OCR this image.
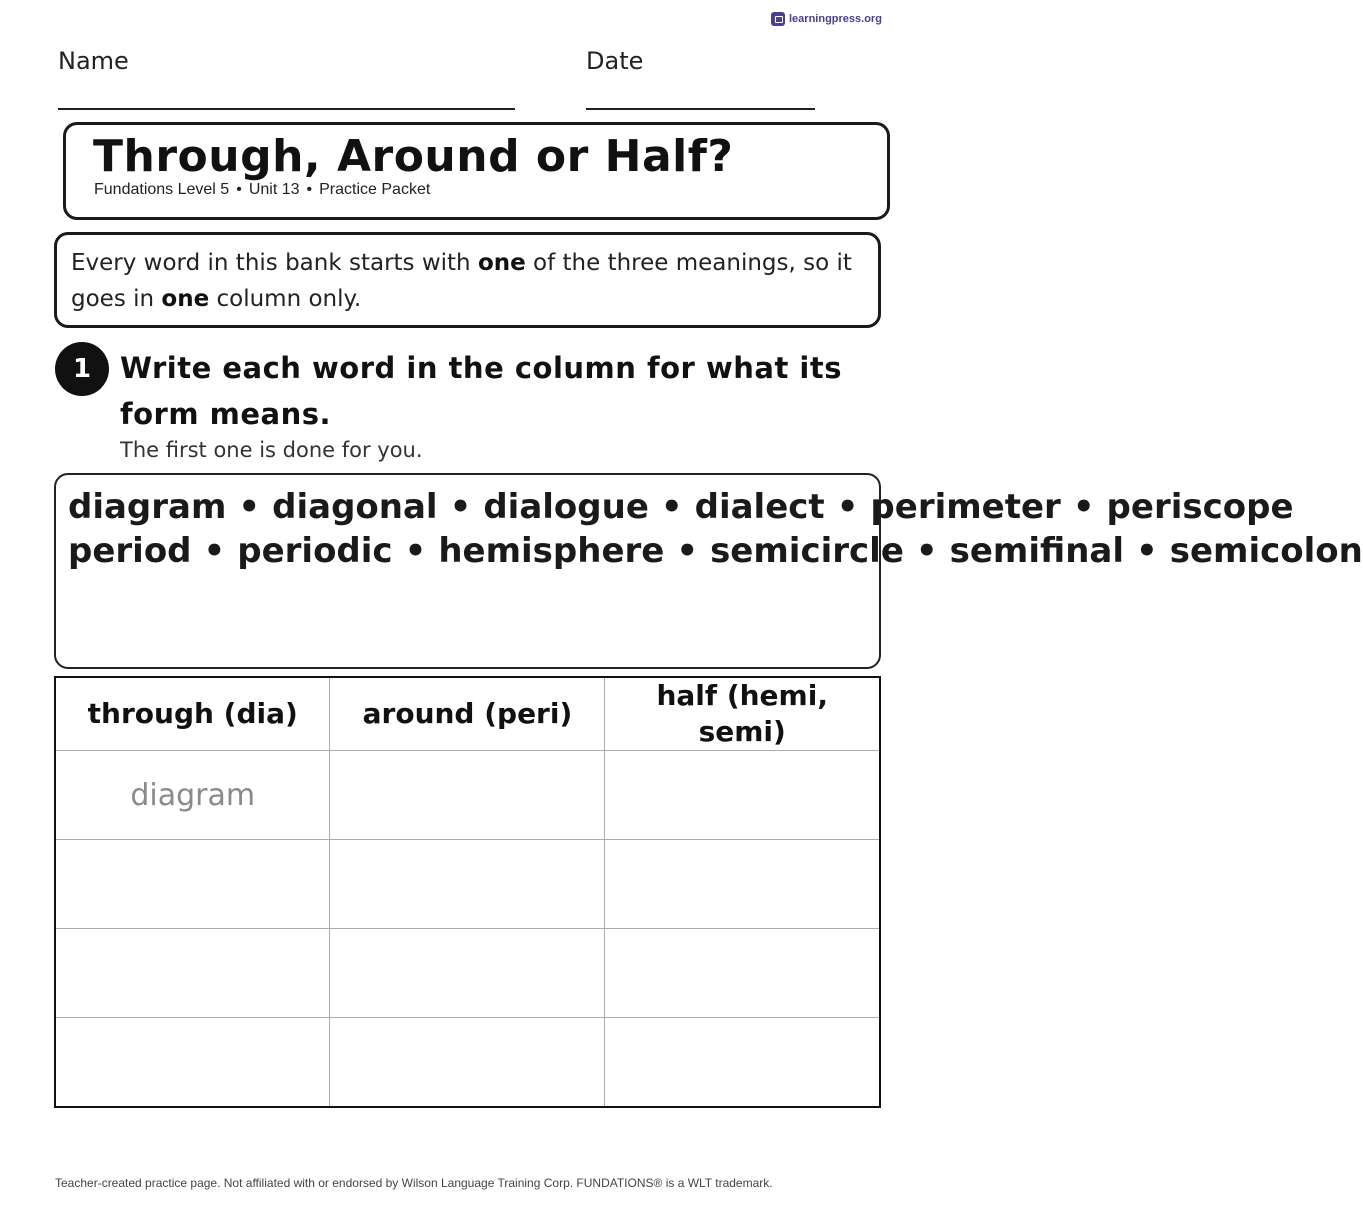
learningpress.org
Name	Date
Through, Around or Half?
Fundations Level 5 • Unit 13 • Practice Packet
Every word in this bank starts with one of the three meanings, so it goes in one column only.
1 Write each word in the column for what its form means.
The first one is done for you.
diagram • diagonal • dialogue • dialect • perimeter • periscope
period • periodic • hemisphere • semicircle • semifinal • semicolon
through (dia)	around (peri)	half (hemi, semi)
diagram		

Teacher-created practice page. Not affiliated with or endorsed by Wilson Language Training Corp. FUNDATIONS® is a WLT trademark.
